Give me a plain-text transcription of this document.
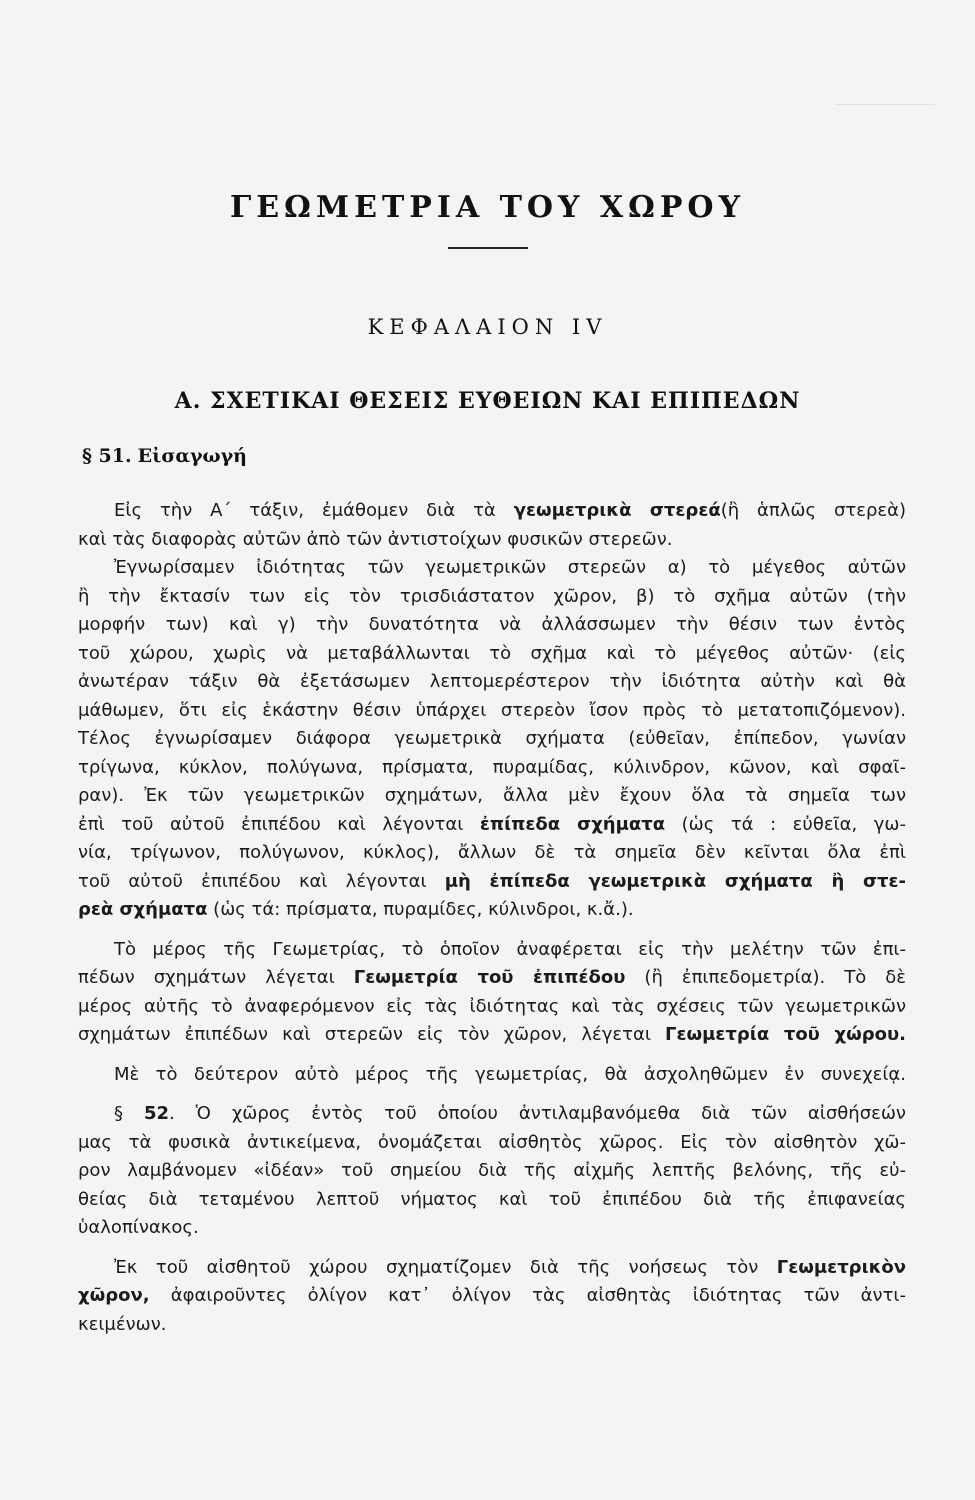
ΓΕΩΜΕΤΡΙΑ ΤΟΥ ΧΩΡΟΥ
ΚΕΦΑΛΑΙΟΝ IV
Α. ΣΧΕΤΙΚΑΙ ΘΕΣΕΙΣ ΕΥΘΕΙΩΝ ΚΑΙ ΕΠΙΠΕΔΩΝ
§ 51. Εἰσαγωγή
Εἰς τὴν Α΄ τάξιν, ἐμάθομεν διὰ τὰ γεωμετρικὰ στερεά(ἢ ἁπλῶς στερεὰ)
καὶ τὰς διαφορὰς αὐτῶν ἀπὸ τῶν ἀντιστοίχων φυσικῶν στερεῶν.
Ἐγνωρίσαμεν ἰδιότητας τῶν γεωμετρικῶν στερεῶν α) τὸ μέγεθος αὐτῶν
ἢ τὴν ἔκτασίν των εἰς τὸν τρισδιάστατον χῶρον, β) τὸ σχῆμα αὐτῶν (τὴν
μορφήν των) καὶ γ) τὴν δυνατότητα νὰ ἀλλάσσωμεν τὴν θέσιν των ἐντὸς
τοῦ χώρου, χωρὶς νὰ μεταβάλλωνται τὸ σχῆμα καὶ τὸ μέγεθος αὐτῶν· (εἰς
ἀνωτέραν τάξιν θὰ ἐξετάσωμεν λεπτομερέστερον τὴν ἰδιότητα αὐτὴν καὶ θὰ
μάθωμεν, ὅτι εἰς ἑκάστην θέσιν ὑπάρχει στερεὸν ἴσον πρὸς τὸ μετατοπιζόμενον).
Τέλος ἐγνωρίσαμεν διάφορα γεωμετρικὰ σχήματα (εὐθεῖαν, ἐπίπεδον, γωνίαν
τρίγωνα, κύκλον, πολύγωνα, πρίσματα, πυραμίδας, κύλινδρον, κῶνον, καὶ σφαῖ-
ραν). Ἐκ τῶν γεωμετρικῶν σχημάτων, ἄλλα μὲν ἔχουν ὅλα τὰ σημεῖα των
ἐπὶ τοῦ αὐτοῦ ἐπιπέδου καὶ λέγονται ἐπίπεδα σχήματα (ὡς τά : εὐθεῖα, γω-
νία, τρίγωνον, πολύγωνον, κύκλος), ἄλλων δὲ τὰ σημεῖα δὲν κεῖνται ὅλα ἐπὶ
τοῦ αὐτοῦ ἐπιπέδου καὶ λέγονται μὴ ἐπίπεδα γεωμετρικὰ σχήματα ἢ στε-
ρεὰ σχήματα (ὡς τά: πρίσματα, πυραμίδες, κύλινδροι, κ.ἄ.).
Τὸ μέρος τῆς Γεωμετρίας, τὸ ὁποῖον ἀναφέρεται εἰς τὴν μελέτην τῶν ἐπι-
πέδων σχημάτων λέγεται Γεωμετρία τοῦ ἐπιπέδου (ἢ ἐπιπεδομετρία). Τὸ δὲ
μέρος αὐτῆς τὸ ἀναφερόμενον εἰς τὰς ἰδιότητας καὶ τὰς σχέσεις τῶν γεωμετρικῶν
σχημάτων ἐπιπέδων καὶ στερεῶν εἰς τὸν χῶρον, λέγεται Γεωμετρία τοῦ χώρου.
Μὲ τὸ δεύτερον αὐτὸ μέρος τῆς γεωμετρίας, θὰ ἀσχοληθῶμεν ἐν συνεχείᾳ.
§ 52. Ὁ χῶρος ἐντὸς τοῦ ὁποίου ἀντιλαμβανόμεθα διὰ τῶν αἰσθήσεών
μας τὰ φυσικὰ ἀντικείμενα, ὀνομάζεται αἰσθητὸς χῶρος. Εἰς τὸν αἰσθητὸν χῶ-
ρον λαμβάνομεν «ἰδέαν» τοῦ σημείου διὰ τῆς αἰχμῆς λεπτῆς βελόνης, τῆς εὐ-
θείας διὰ τεταμένου λεπτοῦ νήματος καὶ τοῦ ἐπιπέδου διὰ τῆς ἐπιφανείας
ὑαλοπίνακος.
Ἐκ τοῦ αἰσθητοῦ χώρου σχηματίζομεν διὰ τῆς νοήσεως τὸν Γεωμετρικὸν
χῶρον, ἀφαιροῦντες ὀλίγον κατ᾽ ὀλίγον τὰς αἰσθητὰς ἰδιότητας τῶν ἀντι-
κειμένων.
